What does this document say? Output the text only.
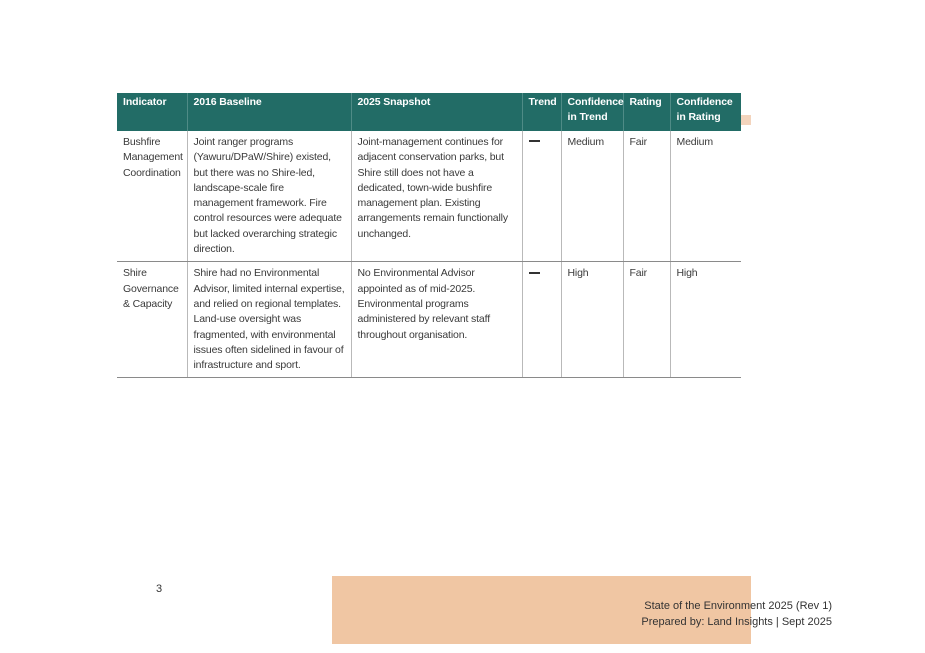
Indicator	2016 Baseline	2025 Snapshot	Trend	Confidence in Trend	Rating	Confidence in Rating
Bushfire Management Coordination	Joint ranger programs (Yawuru/DPaW/Shire) existed, but there was no Shire-led, landscape-scale fire management framework. Fire control resources were adequate but lacked overarching strategic direction.	Joint-management continues for adjacent conservation parks, but Shire still does not have a dedicated, town-wide bushfire management plan. Existing arrangements remain functionally unchanged.		Medium	Fair	Medium
Shire Governance & Capacity	Shire had no Environmental Advisor, limited internal expertise, and relied on regional templates. Land-use oversight was fragmented, with environmental issues often sidelined in favour of infrastructure and sport.	No Environmental Advisor appointed as of mid-2025. Environmental programs administered by relevant staff throughout organisation.		High	Fair	High
3
State of the Environment 2025 (Rev 1)
Prepared by: Land Insights | Sept 2025
